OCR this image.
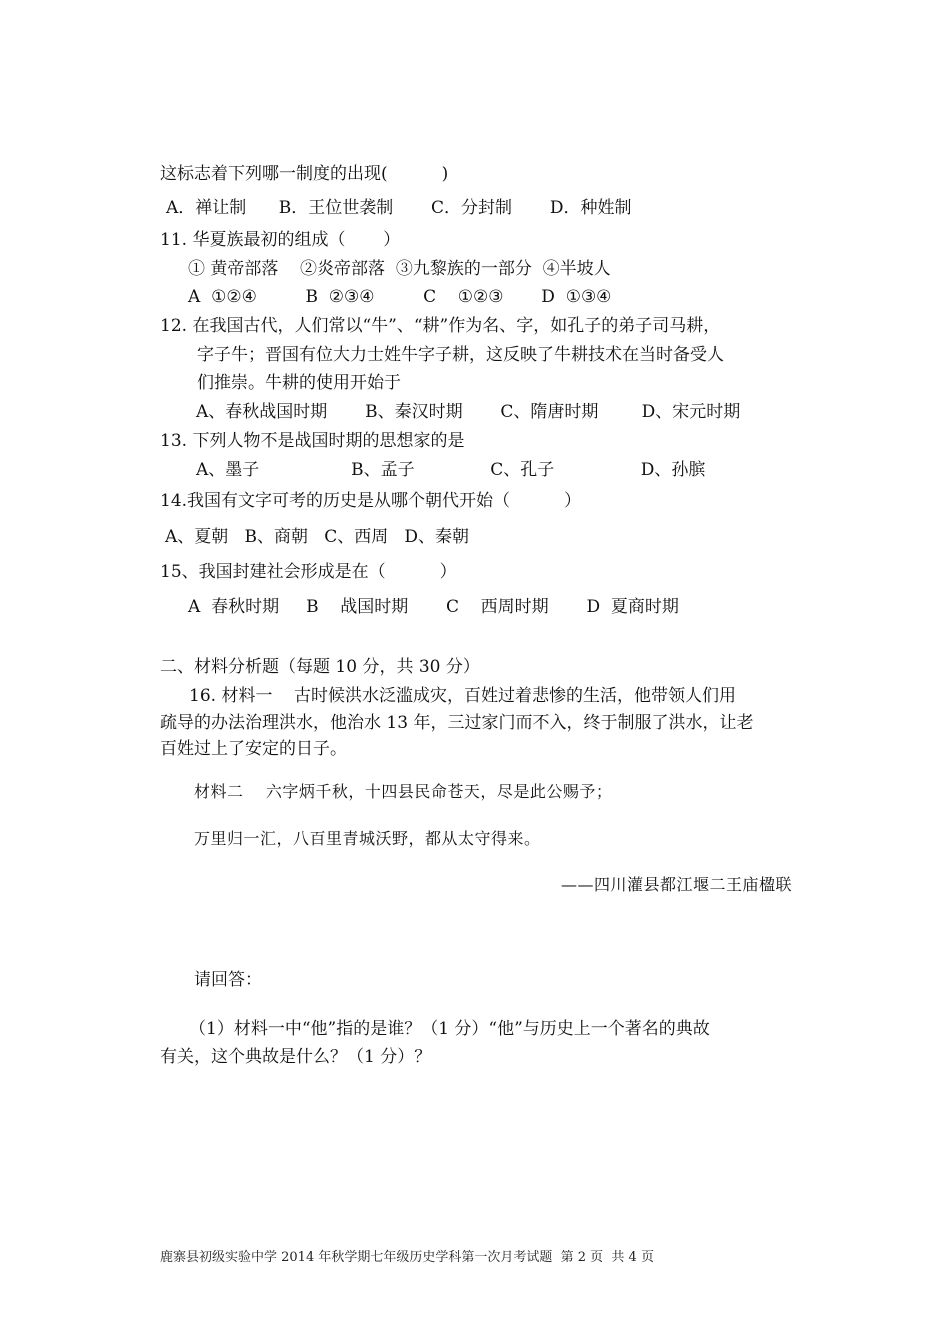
这标志着下列哪一制度的出现(          )
A．禅让制      B．王位世袭制       C．分封制       D．种姓制
11. 华夏族最初的组成（       ）
① 黄帝部落    ②炎帝部落  ③九黎族的一部分  ④半坡人
A  ①②④         B  ②③④         C    ①②③       D  ①③④
12. 在我国古代，人们常以“牛”、“耕”作为名、字，如孔子的弟子司马耕，
字子牛；晋国有位大力士姓牛字子耕，这反映了牛耕技术在当时备受人
们推崇。牛耕的使用开始于
A、春秋战国时期       B、秦汉时期       C、隋唐时期        D、宋元时期
13. 下列人物不是战国时期的思想家的是
A、墨子                 B、孟子              C、孔子                D、孙膑
14.我国有文字可考的历史是从哪个朝代开始（          ）
A、夏朝   B、商朝   C、西周   D、秦朝
15、我国封建社会形成是在（          ）
A  春秋时期     B    战国时期       C    西周时期       D  夏商时期
二、材料分析题（每题 10 分，共 30 分）
16. 材料一    古时候洪水泛滥成灾，百姓过着悲惨的生活，他带领人们用
疏导的办法治理洪水，他治水 13 年，三过家门而不入，终于制服了洪水，让老
百姓过上了安定的日子。
材料二    六字炳千秋，十四县民命苍天，尽是此公赐予；
万里归一汇，八百里青城沃野，都从太守得来。
——四川灌县都江堰二王庙楹联
请回答：
（1）材料一中“他”指的是谁？（1 分）“他”与历史上一个著名的典故
有关，这个典故是什么？（1 分）？
鹿寨县初级实验中学 2014 年秋学期七年级历史学科第一次月考试题  第 2 页  共 4 页
